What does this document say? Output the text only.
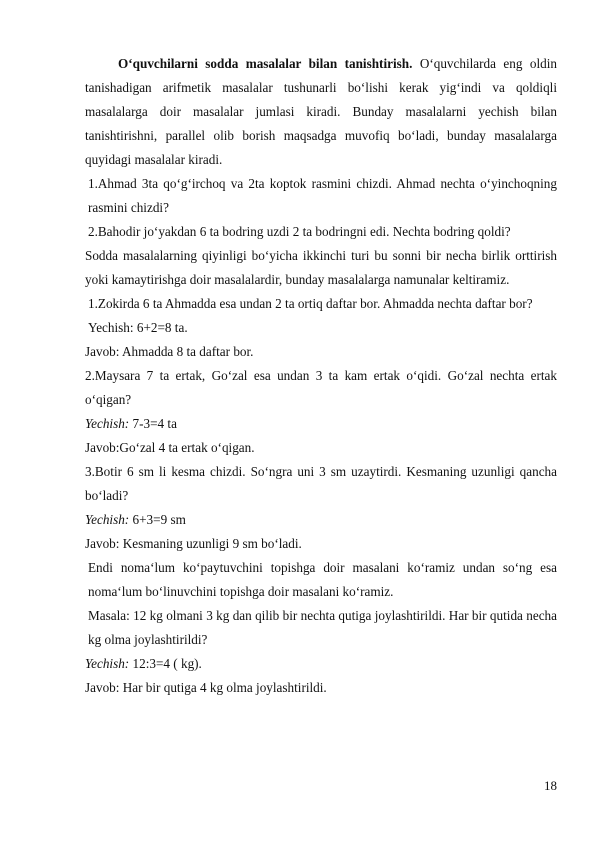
O‘quvchilarni sodda masalalar bilan tanishtirish. O‘quvchilarda eng oldin tanishadigan arifmetik masalalar tushunarli bo‘lishi kerak yig‘indi va qoldiqli masalalarga doir masalalar jumlasi kiradi. Bunday masalalarni yechish bilan tanishtirishni, parallel olib borish maqsadga muvofiq bo‘ladi, bunday masalalarga quyidagi masalalar kiradi.

1.Ahmad 3ta qo‘g‘irchoq va 2ta koptok rasmini chizdi. Ahmad nechta o‘yinchoqning rasmini chizdi?

2.Bahodir jo‘yakdan 6 ta bodring uzdi 2 ta bodringni edi. Nechta bodring qoldi?

Sodda masalalarning qiyinligi bo‘yicha ikkinchi turi bu sonni bir necha birlik orttirish yoki kamaytirishga doir masalalardir, bunday masalalarga namunalar keltiramiz.

1.Zokirda 6 ta Ahmadda esa undan 2 ta ortiq daftar bor. Ahmadda nechta daftar bor?

Yechish: 6+2=8 ta.

Javob: Ahmadda 8 ta daftar bor.

2.Maysara 7 ta ertak, Go‘zal esa undan 3 ta kam ertak o‘qidi. Go‘zal nechta ertak o‘qigan?

Yechish: 7-3=4 ta

Javob:Go‘zal 4 ta ertak o‘qigan.

3.Botir 6 sm li kesma chizdi. So‘ngra uni 3 sm uzaytirdi. Kesmaning uzunligi qancha bo‘ladi?

Yechish: 6+3=9 sm

Javob: Kesmaning uzunligi 9 sm bo‘ladi.

Endi noma‘lum ko‘paytuvchini topishga doir masalani ko‘ramiz undan so‘ng esa noma‘lum bo‘linuvchini topishga doir masalani ko‘ramiz.

Masala: 12 kg olmani 3 kg dan qilib bir nechta qutiga joylashtirildi. Har bir qutida necha kg olma joylashtirildi?

Yechish: 12:3=4 ( kg).

Javob: Har bir qutiga 4 kg olma joylashtirildi.

18
